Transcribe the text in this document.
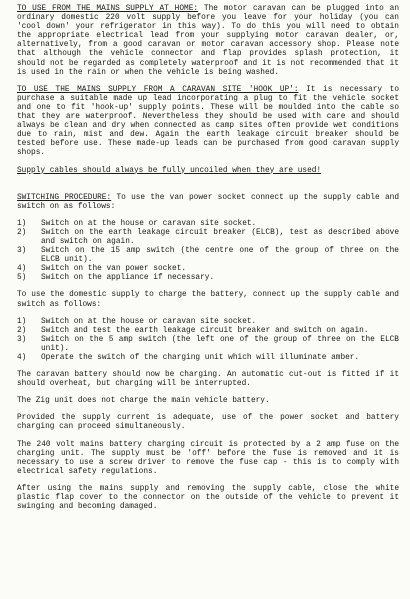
TO USE FROM THE MAINS SUPPLY AT HOME: The motor caravan can be plugged into an ordinary domestic 220 volt supply before you leave for your holiday (you can 'cool down' your refrigerator in this way). To do this you will need to obtain the appropriate electrical lead from your supplying motor caravan dealer, or, alternatively, from a good caravan or motor caravan accessory shop. Please note that although the vehicle connector and flap provides splash protection, it should not be regarded as completely waterproof and it is not recommended that it is used in the rain or when the vehicle is being washed.

TO USE THE MAINS SUPPLY FROM A CARAVAN SITE 'HOOK UP': It is necessary to purchase a suitable made up lead incorporating a plug to fit the vehicle socket and one to fit 'hook-up' supply points. These will be moulded into the cable so that they are waterproof. Nevertheless they should be used with care and should always be clean and dry when connected as camp sites often provide wet conditions due to rain, mist and dew. Again the earth leakage circuit breaker should be tested before use. These made-up leads can be purchased from good caravan supply shops.

Supply cables should always be fully uncoiled when they are used!

SWITCHING PROCEDURE: To use the van power socket connect up the supply cable and switch on as follows:

1)	Switch on at the house or caravan site socket.
2)	Switch on the earth leakage circuit breaker (ELCB), test as described above and switch on again.
3)	Switch on the 15 amp switch (the centre one of the group of three on the ELCB unit).
4)	Switch on the van power socket.
5)	Switch on the appliance if necessary.

To use the domestic supply to charge the battery, connect up the supply cable and switch as follows:

1)	Switch on at the house or caravan site socket.
2)	Switch and test the earth leakage circuit breaker and switch on again.
3)	Switch on the 5 amp switch (the left one of the group of three on the ELCB unit).
4)	Operate the switch of the charging unit which will illuminate amber.

The caravan battery should now be charging. An automatic cut-out is fitted if it should overheat, but charging will be interrupted.

The Zig unit does not charge the main vehicle battery.

Provided the supply current is adequate, use of the power socket and battery charging can proceed simultaneously.

The 240 volt mains battery charging circuit is protected by a 2 amp fuse on the charging unit. The supply must be 'off' before the fuse is removed and it is necessary to use a screw driver to remove the fuse cap - this is to comply with electrical safety regulations.

After using the mains supply and removing the supply cable, close the white plastic flap cover to the connector on the outside of the vehicle to prevent it swinging and becoming damaged.
